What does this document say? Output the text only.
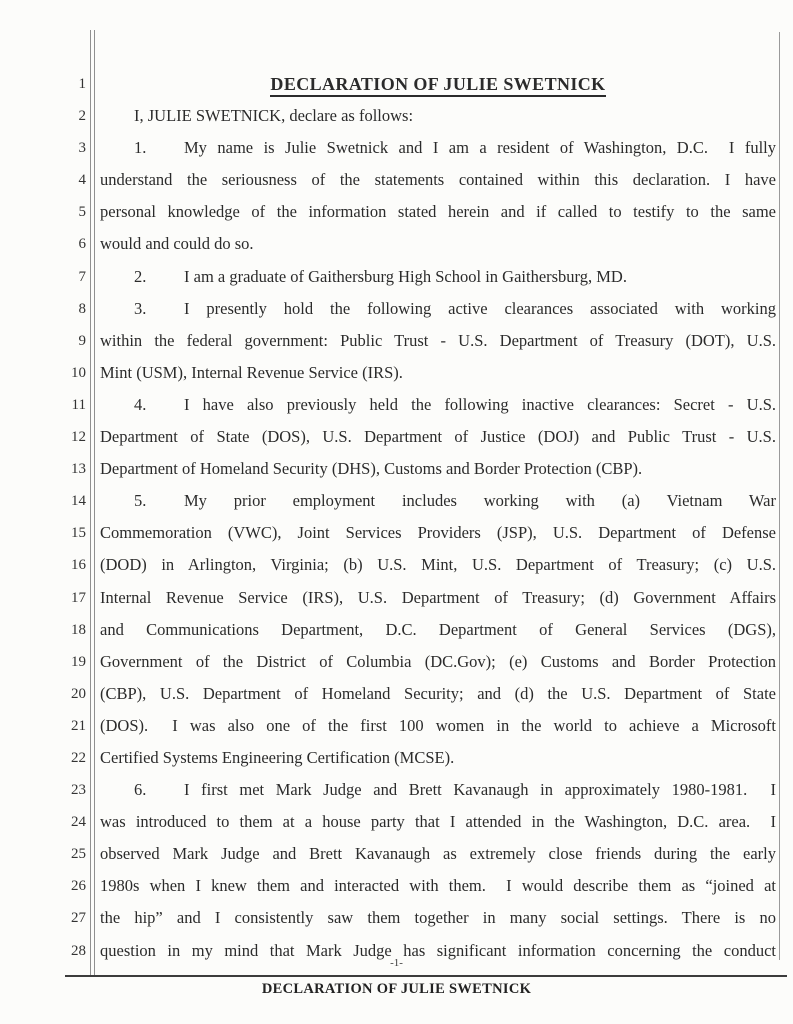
1	DECLARATION OF JULIE SWETNICK
2	I, JULIE SWETNICK, declare as follows:
3	1. My name is Julie Swetnick and I am a resident of Washington, D.C.  I fully
4 understand the seriousness of the statements contained within this declaration. I have
5 personal knowledge of the information stated herein and if called to testify to the same
6 would and could do so.
7	2. I am a graduate of Gaithersburg High School in Gaithersburg, MD.
8	3. I presently hold the following active clearances associated with working
9 within the federal government: Public Trust - U.S. Department of Treasury (DOT), U.S.
10 Mint (USM), Internal Revenue Service (IRS).
11	4. I have also previously held the following inactive clearances: Secret - U.S.
12 Department of State (DOS), U.S. Department of Justice (DOJ) and Public Trust - U.S.
13 Department of Homeland Security (DHS), Customs and Border Protection (CBP).
14	5. My prior employment includes working with (a) Vietnam War
15 Commemoration (VWC), Joint Services Providers (JSP), U.S. Department of Defense
16 (DOD) in Arlington, Virginia; (b) U.S. Mint, U.S. Department of Treasury; (c) U.S.
17 Internal Revenue Service (IRS), U.S. Department of Treasury; (d) Government Affairs
18 and Communications Department, D.C. Department of General Services (DGS),
19 Government of the District of Columbia (DC.Gov); (e) Customs and Border Protection
20 (CBP), U.S. Department of Homeland Security; and (d) the U.S. Department of State
21 (DOS).  I was also one of the first 100 women in the world to achieve a Microsoft
22 Certified Systems Engineering Certification (MCSE).
23	6. I first met Mark Judge and Brett Kavanaugh in approximately 1980-1981.  I
24 was introduced to them at a house party that I attended in the Washington, D.C. area.  I
25 observed Mark Judge and Brett Kavanaugh as extremely close friends during the early
26 1980s when I knew them and interacted with them.  I would describe them as “joined at
27 the hip” and I consistently saw them together in many social settings. There is no
28 question in my mind that Mark Judge has significant information concerning the conduct
-1-
DECLARATION OF JULIE SWETNICK
